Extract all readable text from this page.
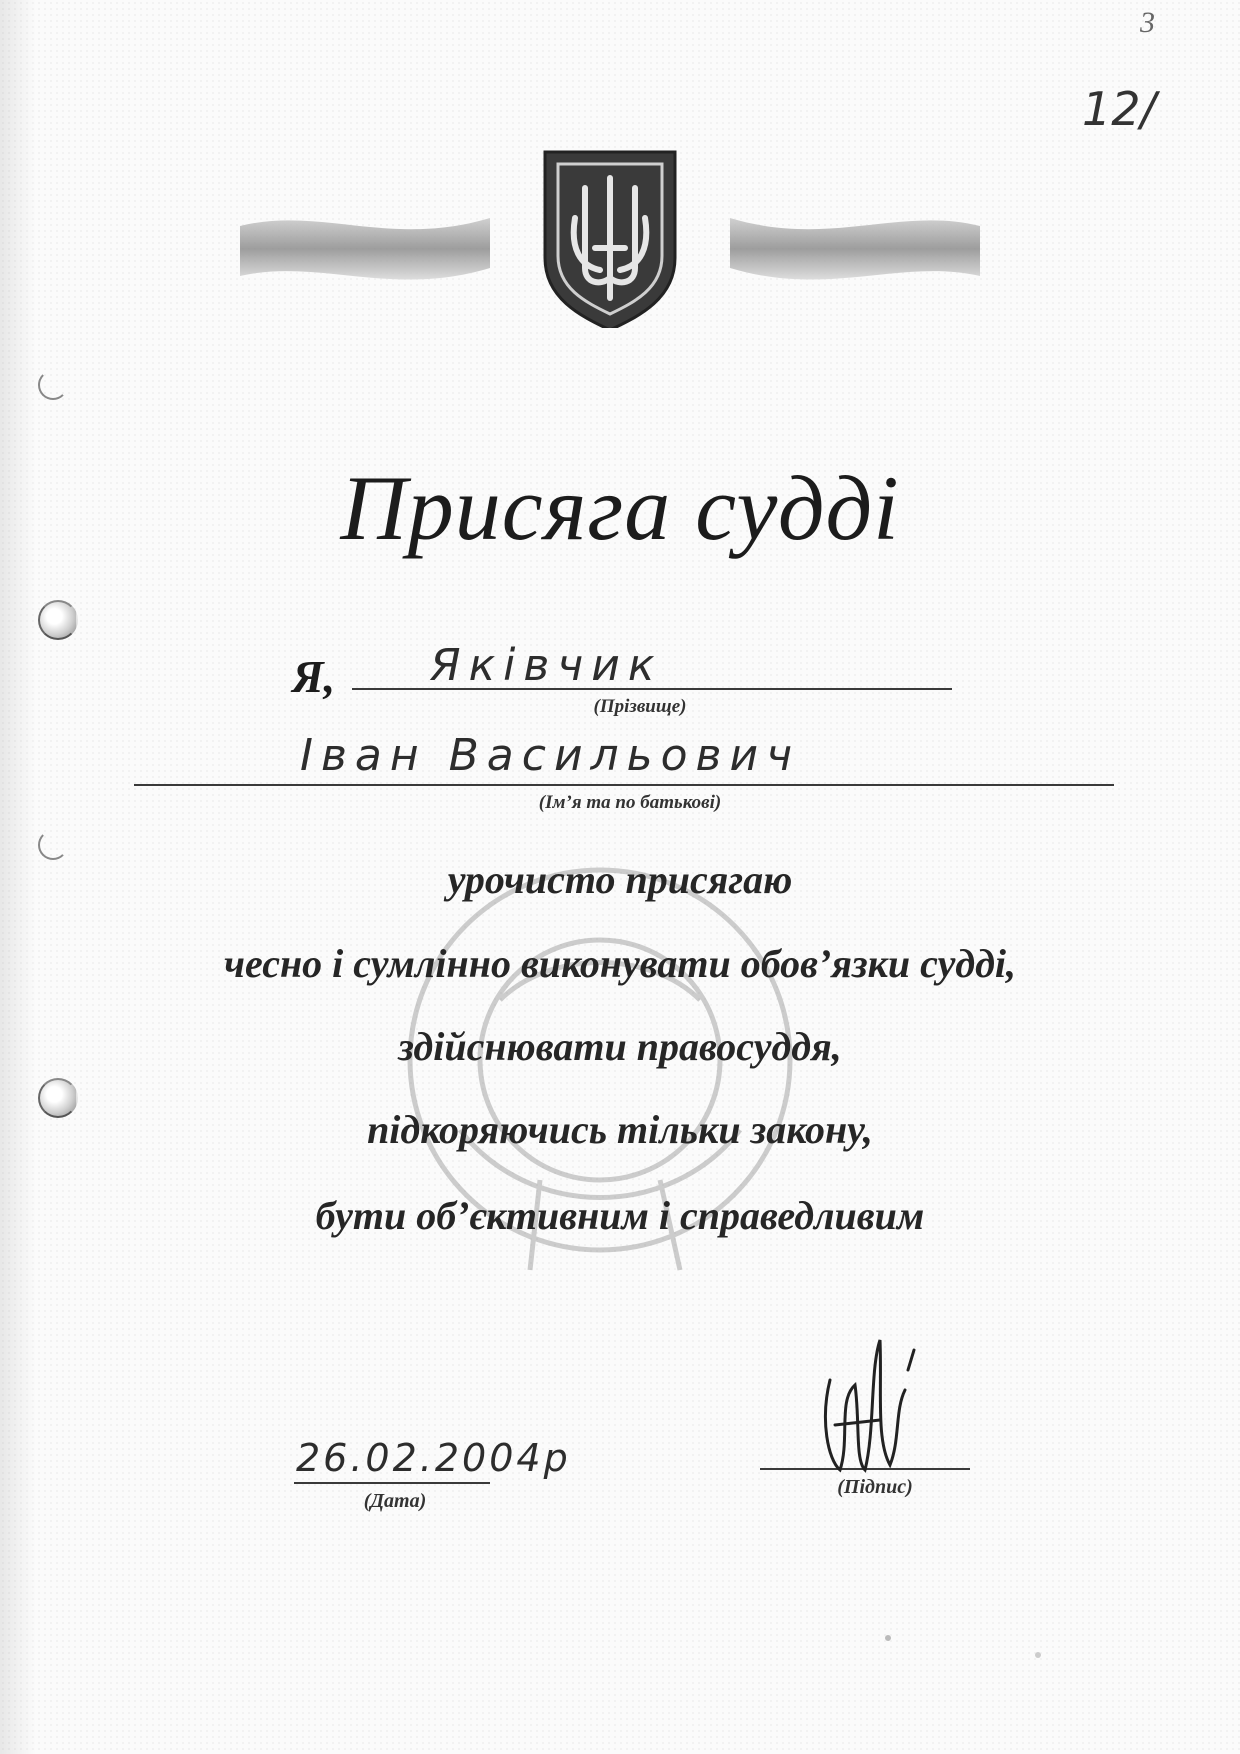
3
12/
Присяга судді
Я, Яківчик
(Прізвище)
Іван Васильович
(Ім’я та по батькові)
урочисто присягаю
чесно і сумлінно виконувати обов’язки судді,
здійснювати правосуддя,
підкоряючись тільки закону,
бути об’єктивним і справедливим
26.02.2004р
(Дата)
(Підпис)
